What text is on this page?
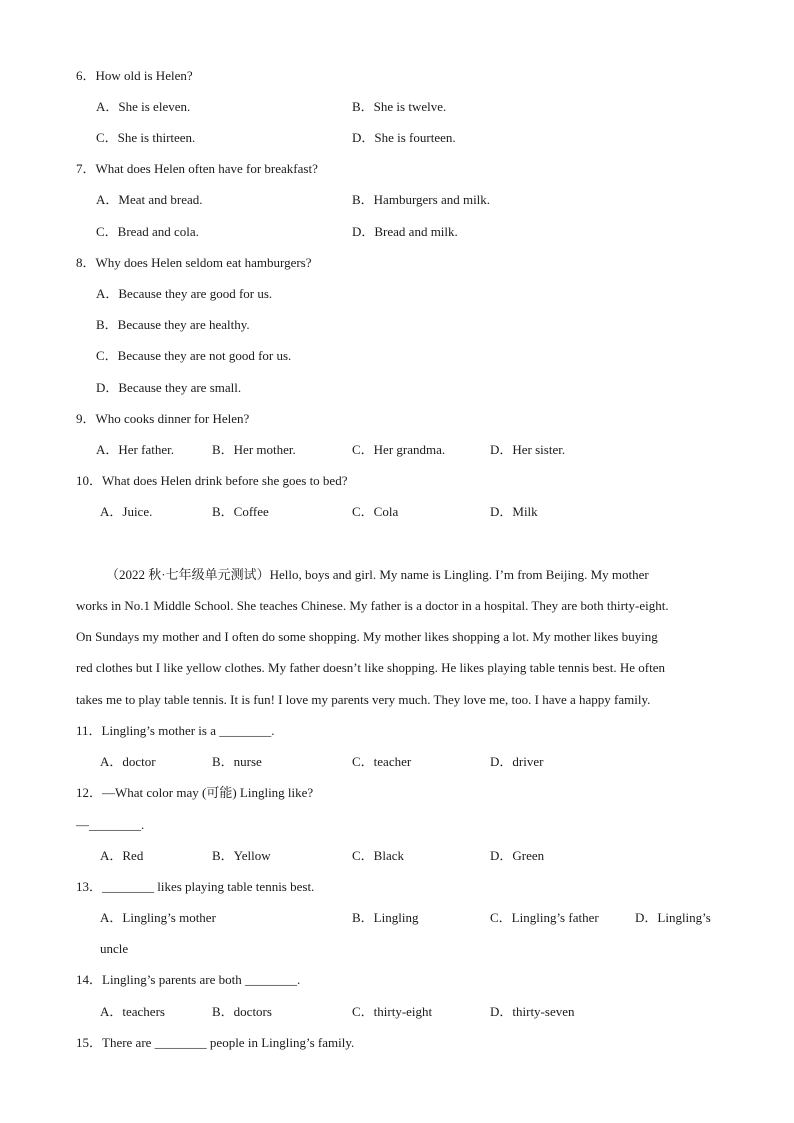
6．How old is Helen?
A．She is eleven.	B．She is twelve.
C．She is thirteen.	D．She is fourteen.
7．What does Helen often have for breakfast?
A．Meat and bread.	B．Hamburgers and milk.
C．Bread and cola.	D．Bread and milk.
8．Why does Helen seldom eat hamburgers?
A．Because they are good for us.
B．Because they are healthy.
C．Because they are not good for us.
D．Because they are small.
9．Who cooks dinner for Helen?
A．Her father.	B．Her mother.	C．Her grandma.	D．Her sister.
10．What does Helen drink before she goes to bed?
A．Juice.	B．Coffee	C．Cola	D．Milk
（2022 秋·七年级单元测试）Hello, boys and girl. My name is Lingling. I’m from Beijing. My mother
works in No.1 Middle School. She teaches Chinese. My father is a doctor in a hospital. They are both thirty-eight.
On Sundays my mother and I often do some shopping. My mother likes shopping a lot. My mother likes buying
red clothes but I like yellow clothes. My father doesn’t like shopping. He likes playing table tennis best. He often
takes me to play table tennis. It is fun! I love my parents very much. They love me, too. I have a happy family.
11．Lingling’s mother is a ________.
A．doctor	B．nurse	C．teacher	D．driver
12．—What color may (可能) Lingling like?
—________.
A．Red	B．Yellow	C．Black	D．Green
13．________ likes playing table tennis best.
A．Lingling’s mother	B．Lingling	C．Lingling’s father	D．Lingling’s
uncle
14．Lingling’s parents are both ________.
A．teachers	B．doctors	C．thirty-eight	D．thirty-seven
15．There are ________ people in Lingling’s family.
